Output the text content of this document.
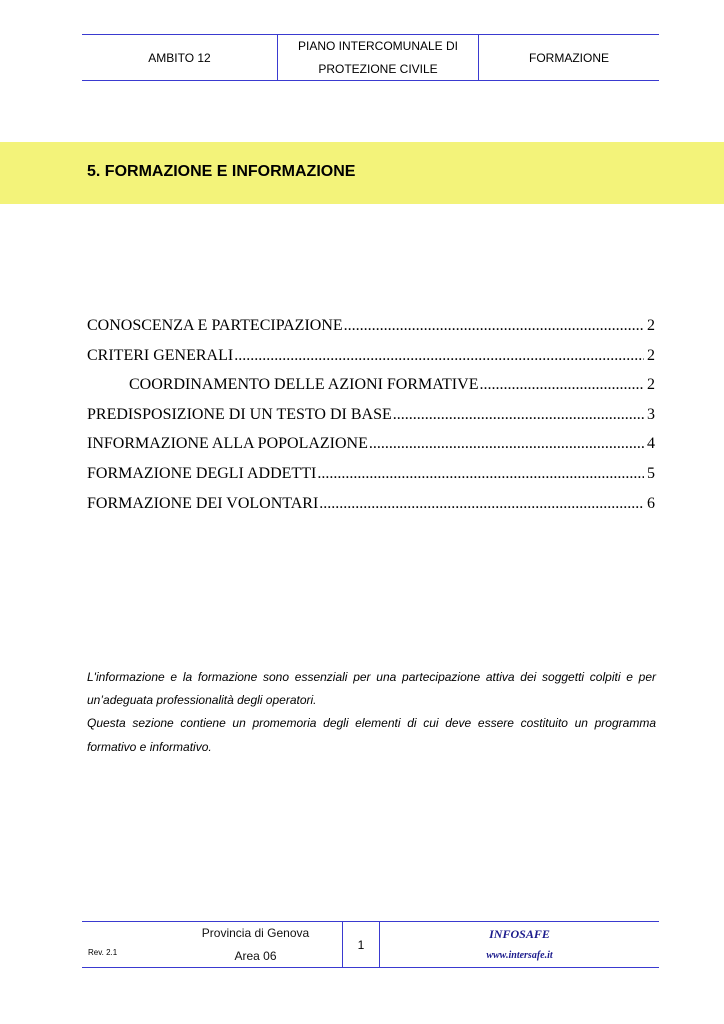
AMBITO 12
PIANO INTERCOMUNALE DI
PROTEZIONE CIVILE
FORMAZIONE
5. FORMAZIONE E INFORMAZIONE
CONOSCENZA E PARTECIPAZIONE .....	2
CRITERI GENERALI .....	2
COORDINAMENTO DELLE AZIONI FORMATIVE .....	2
PREDISPOSIZIONE DI UN TESTO DI BASE .....	3
INFORMAZIONE ALLA POPOLAZIONE .....	4
FORMAZIONE DEGLI ADDETTI .....	5
FORMAZIONE DEI VOLONTARI .....	6

L'informazione e la formazione sono essenziali per una partecipazione attiva dei soggetti colpiti e per un’adeguata professionalità degli operatori.

Questa sezione contiene un promemoria degli elementi di cui deve essere costituito un programma formativo e informativo.

Rev. 2.1
Provincia di Genova
Area 06
1
INFOSAFE
www.intersafe.it
